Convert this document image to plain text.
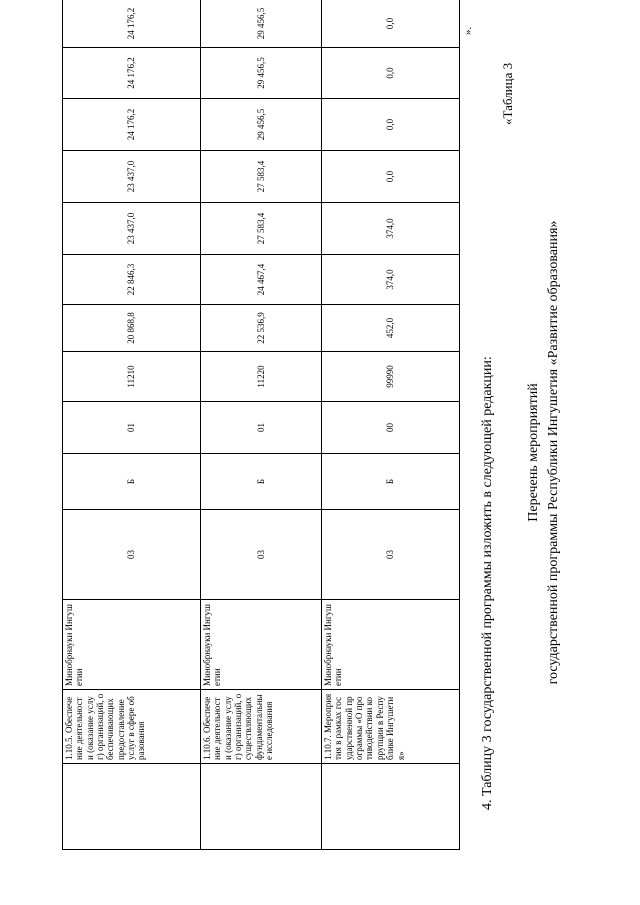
	1.10.5. Обеспечение деятельности (оказание услуг) организаций, обеспечивающих предоставление услуг в сфере образования	Минобрнауки Ингушетии	03	Б	01	11210	20 868,8	22 846,3	23 437,0	23 437,0	24 176,2	24 176,2	24 176,2
	1.10.6. Обеспечение деятельности (оказание услуг) организаций, осуществляющих фундаментальные исследования	Минобрнауки Ингушетии	03	Б	01	11220	22 536,9	24 467,4	27 583,4	27 583,4	29 456,5	29 456,5	29 456,5
	1.10.7. Мероприятия в рамках государственной программы «О противодействии коррупции в Республике Ингушетия»	Минобрнауки Ингушетии	03	Б	00	99990	452,0	374,0	374,0	0,0	0,0	0,0	0,0
».
4. Таблицу 3 государственной программы изложить в следующей редакции:
«Таблица 3
Перечень мероприятий государственной программы Республики Ингушетия «Развитие образования»
